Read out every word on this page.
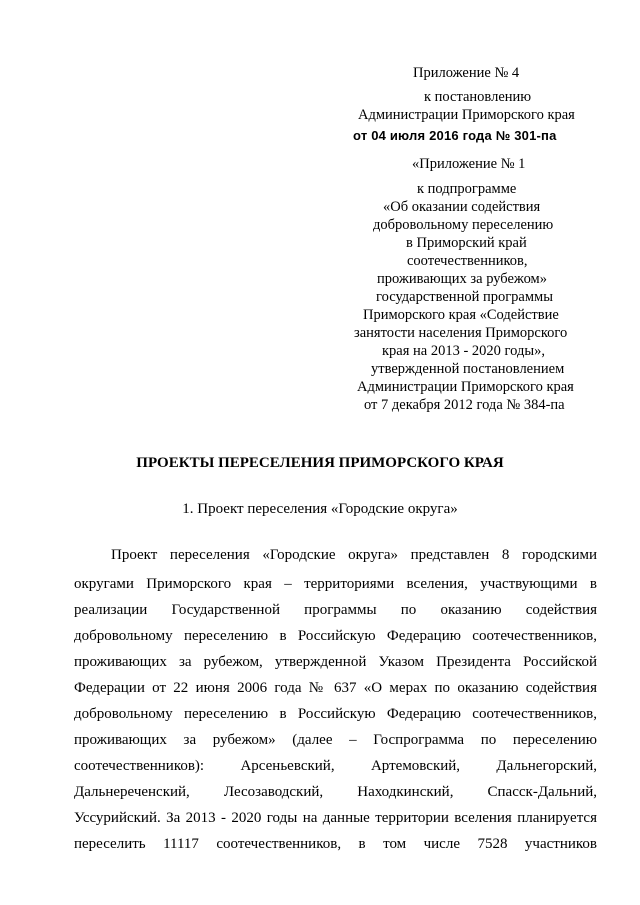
Приложение № 4
к постановлению
Администрации Приморского края
от 04 июля 2016 года № 301-па
«Приложение № 1
к подпрограмме
«Об оказании содействия
добровольному переселению
в Приморский край
соотечественников,
проживающих за рубежом»
государственной программы
Приморского края «Содействие
занятости населения Приморского
края на 2013 - 2020 годы»,
утвержденной постановлением
Администрации Приморского края
от 7 декабря 2012 года № 384-па
ПРОЕКТЫ ПЕРЕСЕЛЕНИЯ ПРИМОРСКОГО КРАЯ
1. Проект переселения «Городские округа»
Проект переселения «Городские округа» представлен 8 городскими
округами Приморского края – территориями вселения, участвующими в
реализации Государственной программы по оказанию содействия
добровольному переселению в Российскую Федерацию соотечественников,
проживающих за рубежом, утвержденной Указом Президента Российской
Федерации от 22 июня 2006 года № 637 «О мерах по оказанию содействия
добровольному переселению в Российскую Федерацию соотечественников,
проживающих за рубежом» (далее – Госпрограмма по переселению
соотечественников): Арсеньевский, Артемовский, Дальнегорский,
Дальнереченский, Лесозаводский, Находкинский, Спасск-Дальний,
Уссурийский. За 2013 - 2020 годы на данные территории вселения планируется
переселить 11117 соотечественников, в том числе 7528 участников
